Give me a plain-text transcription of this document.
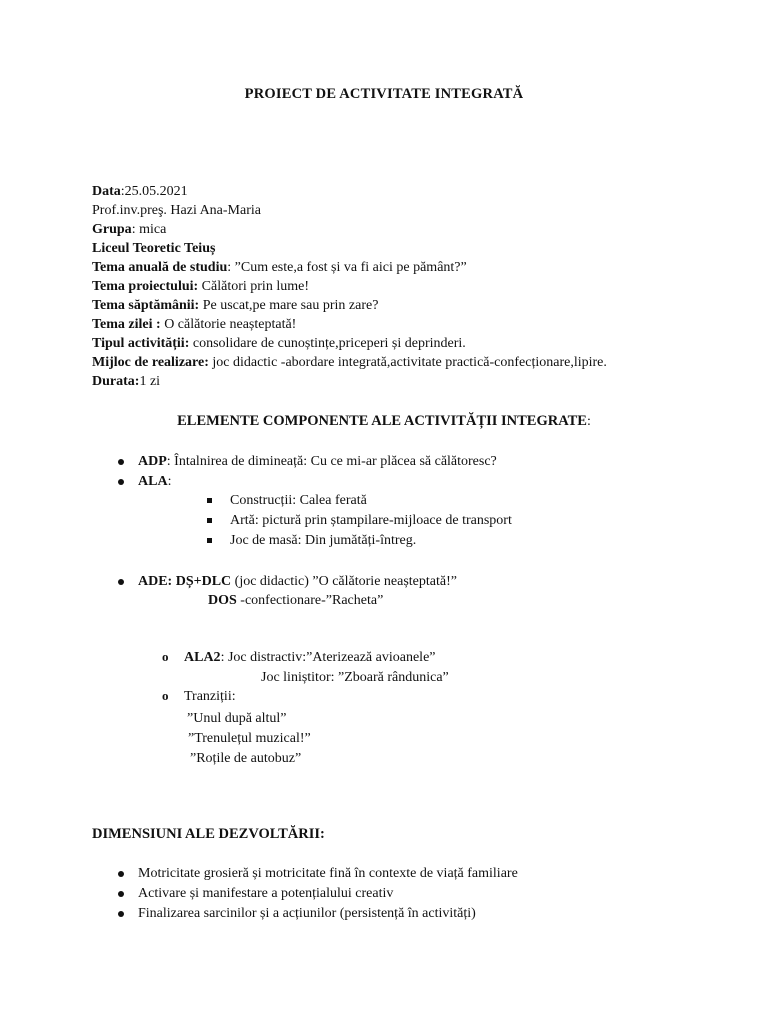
PROIECT DE ACTIVITATE INTEGRATĂ
Data:25.05.2021
Prof.inv.preş. Hazi Ana-Maria
Grupa: mica
Liceul Teoretic Teiuș
Tema anuală de studiu: ”Cum este,a fost și va fi aici pe pământ?”
Tema proiectului: Călători prin lume!
Tema săptămânii: Pe uscat,pe mare sau prin zare?
Tema zilei : O călătorie neașteptată!
Tipul activității: consolidare de cunoștințe,priceperi și deprinderi.
Mijloc de realizare: joc didactic -abordare integrată,activitate practică-confecționare,lipire.
Durata:1 zi
ELEMENTE COMPONENTE ALE ACTIVITĂȚII INTEGRATE:
ADP: Întalnirea de dimineață: Cu ce mi-ar plăcea să călătoresc?
ALA:
Construcții: Calea ferată
Artă: pictură prin ștampilare-mijloace de transport
Joc de masă: Din jumătăți-întreg.
ADE: DȘ+DLC (joc didactic) ”O călătorie neașteptată!”
DOS -confectionare-”Racheta”
o ALA2: Joc distractiv:”Aterizează avioanele”
Joc liniștitor: ”Zboară rândunica”
o Tranziții:
”Unul după altul”
”Trenulețul muzical!”
”Roțile de autobuz”
DIMENSIUNI ALE DEZVOLTĂRII:
Motricitate grosieră și motricitate fină în contexte de viață familiare
Activare și manifestare a potențialului creativ
Finalizarea sarcinilor și a acțiunilor (persistență în activități)
